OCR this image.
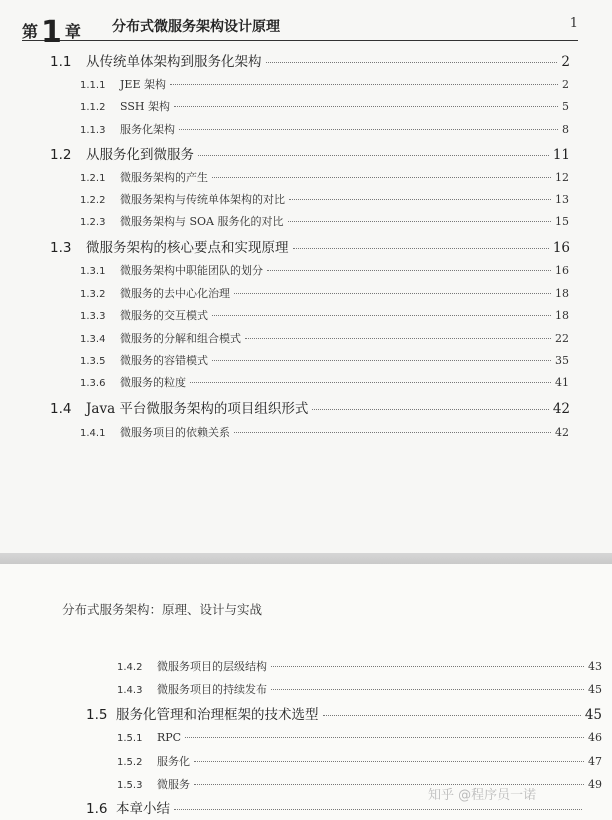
第 1 章 分布式微服务架构设计原理	1
1.1	从传统单体架构到服务化架构	2
1.1.1	JEE 架构	2
1.1.2	SSH 架构	5
1.1.3	服务化架构	8
1.2	从服务化到微服务	11
1.2.1	微服务架构的产生	12
1.2.2	微服务架构与传统单体架构的对比	13
1.2.3	微服务架构与 SOA 服务化的对比	15
1.3	微服务架构的核心要点和实现原理	16
1.3.1	微服务架构中职能团队的划分	16
1.3.2	微服务的去中心化治理	18
1.3.3	微服务的交互模式	18
1.3.4	微服务的分解和组合模式	22
1.3.5	微服务的容错模式	35
1.3.6	微服务的粒度	41
1.4	Java 平台微服务架构的项目组织形式	42
1.4.1	微服务项目的依赖关系	42
分布式服务架构：原理、设计与实战
1.4.2	微服务项目的层级结构	43
1.4.3	微服务项目的持续发布	45
1.5 服务化管理和治理框架的技术选型	45
1.5.1	RPC	46
1.5.2	服务化	47
1.5.3	微服务	49
1.6 本章小结
知乎 @程序员一诺
